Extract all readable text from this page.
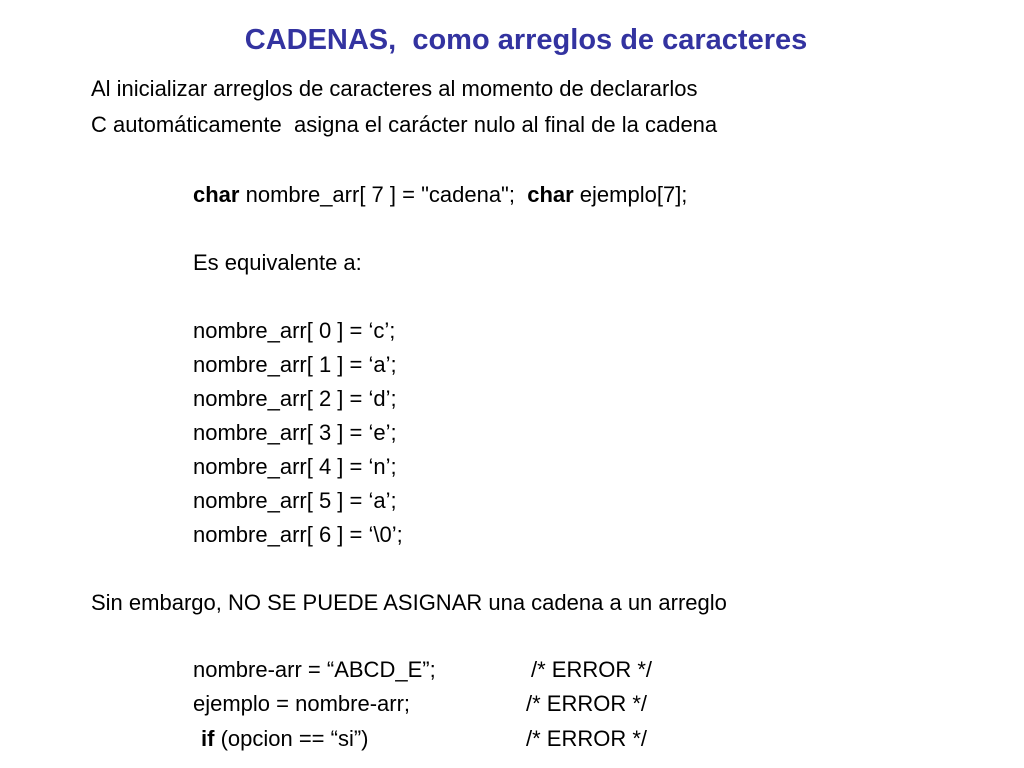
CADENAS,  como arreglos de caracteres
Al inicializar arreglos de caracteres al momento de declararlos
C automáticamente  asigna el carácter nulo al final de la cadena
char nombre_arr[ 7 ] = "cadena";  char ejemplo[7];
Es equivalente a:
nombre_arr[ 0 ] = ‘c’;
nombre_arr[ 1 ] = ‘a’;
nombre_arr[ 2 ] = ‘d’;
nombre_arr[ 3 ] = ‘e’;
nombre_arr[ 4 ] = ‘n’;
nombre_arr[ 5 ] = ‘a’;
nombre_arr[ 6 ] = ‘\0’;
Sin embargo, NO SE PUEDE ASIGNAR una cadena a un arreglo
nombre-arr = “ABCD_E”;	/* ERROR */
ejemplo = nombre-arr;	/* ERROR */
if (opcion == “si”)	/* ERROR */
